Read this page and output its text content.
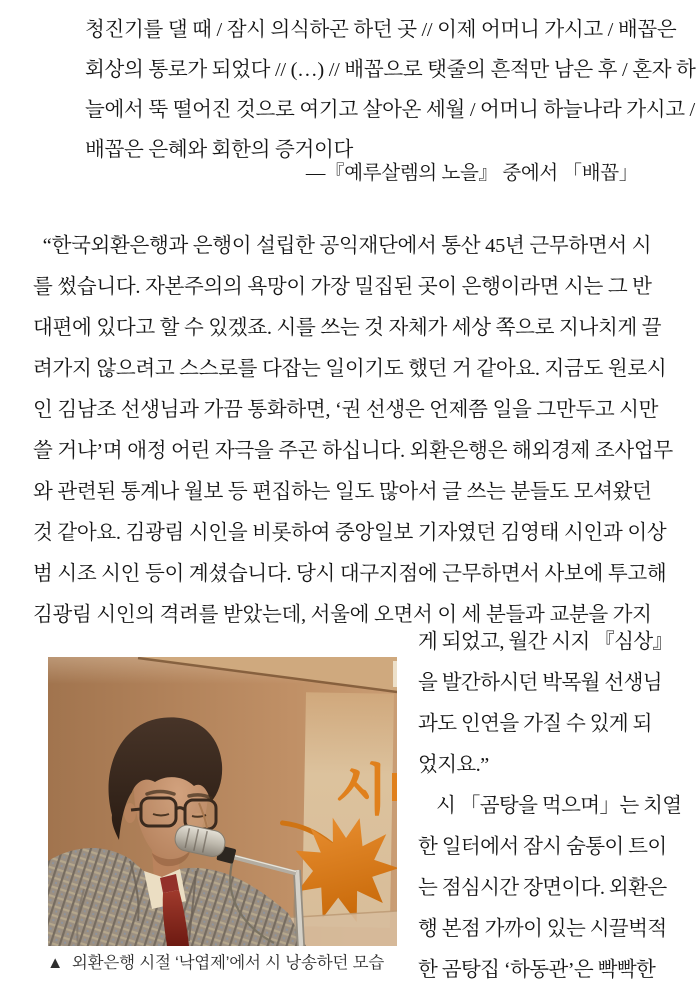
청진기를 댈 때 / 잠시 의식하곤 하던 곳 // 이제 어머니 가시고 / 배꼽은
회상의 통로가 되었다 // (…) // 배꼽으로 탯줄의 흔적만 남은 후 / 혼자 하
늘에서 뚝 떨어진 것으로 여기고 살아온 세월 / 어머니 하늘나라 가시고 /
배꼽은 은혜와 회한의 증거이다
—『예루살렘의 노을』 중에서 「배꼽」
“한국외환은행과 은행이 설립한 공익재단에서 통산 45년 근무하면서 시
를 썼습니다. 자본주의의 욕망이 가장 밀집된 곳이 은행이라면 시는 그 반
대편에 있다고 할 수 있겠죠. 시를 쓰는 것 자체가 세상 쪽으로 지나치게 끌
려가지 않으려고 스스로를 다잡는 일이기도 했던 거 같아요. 지금도 원로시
인 김남조 선생님과 가끔 통화하면, ‘권 선생은 언제쯤 일을 그만두고 시만
쓸 거냐’며 애정 어린 자극을 주곤 하십니다. 외환은행은 해외경제 조사업무
와 관련된 통계나 월보 등 편집하는 일도 많아서 글 쓰는 분들도 모셔왔던
것 같아요. 김광림 시인을 비롯하여 중앙일보 기자였던 김영태 시인과 이상
범 시조 시인 등이 계셨습니다. 당시 대구지점에 근무하면서 사보에 투고해
김광림 시인의 격려를 받았는데, 서울에 오면서 이 세 분들과 교분을 가지
시
게 되었고, 월간 시지 『심상』
을 발간하시던 박목월 선생님
과도 인연을 가질 수 있게 되
었지요.”
시 「곰탕을 먹으며」는 치열
한 일터에서 잠시 숨통이 트이
는 점심시간 장면이다. 외환은
행 본점 가까이 있는 시끌벅적
한 곰탕집 ‘하동관’은 빡빡한
▲  외환은행 시절 ‘낙엽제’에서 시 낭송하던 모습
